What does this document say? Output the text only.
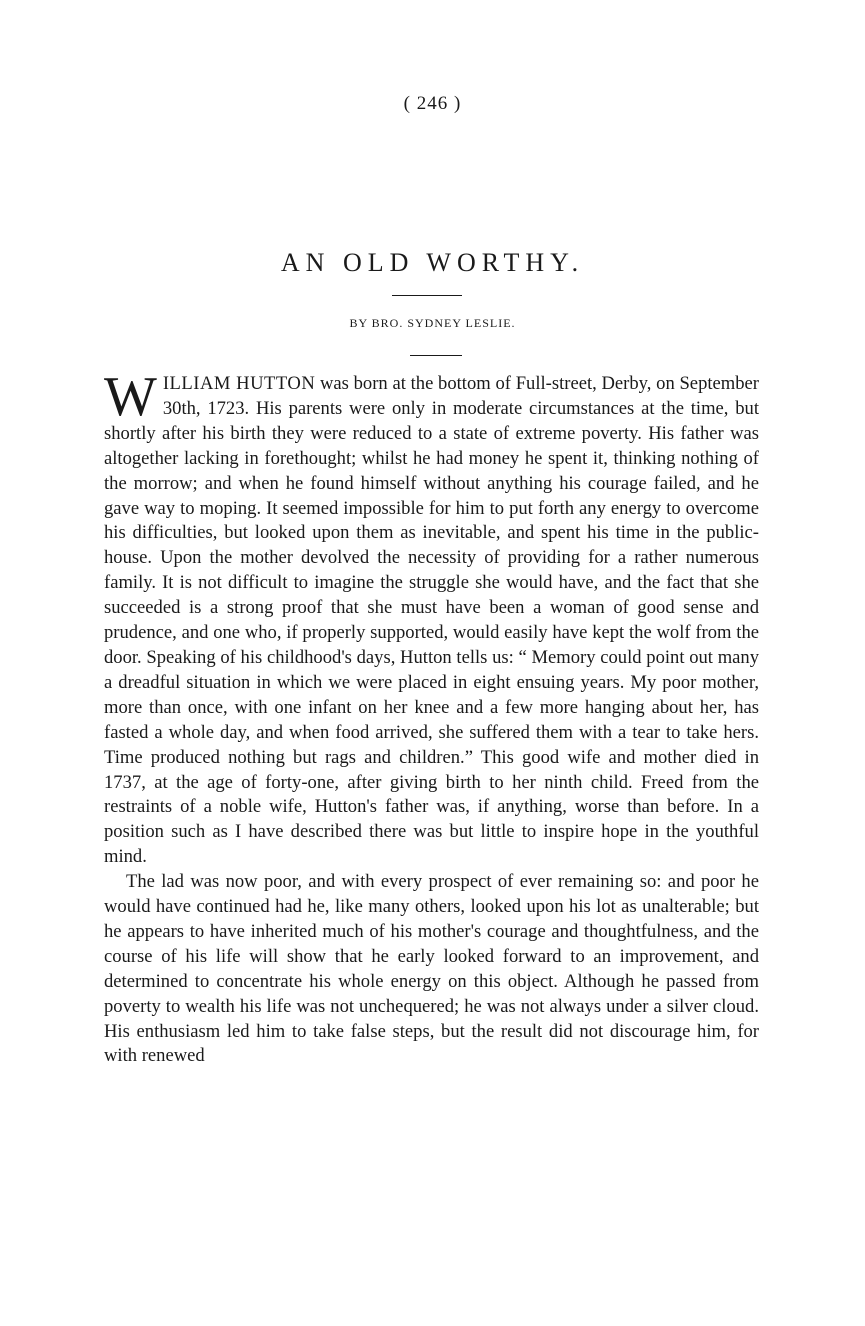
( 246 )
AN OLD WORTHY.
BY BRO. SYDNEY LESLIE.

WILLIAM HUTTON was born at the bottom of Full-street, Derby, on September 30th, 1723. His parents were only in moderate circumstances at the time, but shortly after his birth they were reduced to a state of extreme poverty. His father was altogether lacking in forethought; whilst he had money he spent it, thinking nothing of the morrow; and when he found himself without anything his courage failed, and he gave way to moping. It seemed impossible for him to put forth any energy to overcome his difficulties, but looked upon them as inevitable, and spent his time in the public-house. Upon the mother devolved the necessity of providing for a rather numerous family. It is not difficult to imagine the struggle she would have, and the fact that she succeeded is a strong proof that she must have been a woman of good sense and prudence, and one who, if properly supported, would easily have kept the wolf from the door. Speaking of his childhood's days, Hutton tells us: “ Memory could point out many a dreadful situation in which we were placed in eight ensuing years. My poor mother, more than once, with one infant on her knee and a few more hanging about her, has fasted a whole day, and when food arrived, she suffered them with a tear to take hers. Time produced nothing but rags and children.” This good wife and mother died in 1737, at the age of forty-one, after giving birth to her ninth child. Freed from the restraints of a noble wife, Hutton's father was, if anything, worse than before. In a position such as I have described there was but little to inspire hope in the youthful mind.

The lad was now poor, and with every prospect of ever remaining so: and poor he would have continued had he, like many others, looked upon his lot as unalterable; but he appears to have inherited much of his mother's courage and thoughtfulness, and the course of his life will show that he early looked forward to an improvement, and determined to concentrate his whole energy on this object. Although he passed from poverty to wealth his life was not unchequered; he was not always under a silver cloud. His enthusiasm led him to take false steps, but the result did not discourage him, for with renewed
